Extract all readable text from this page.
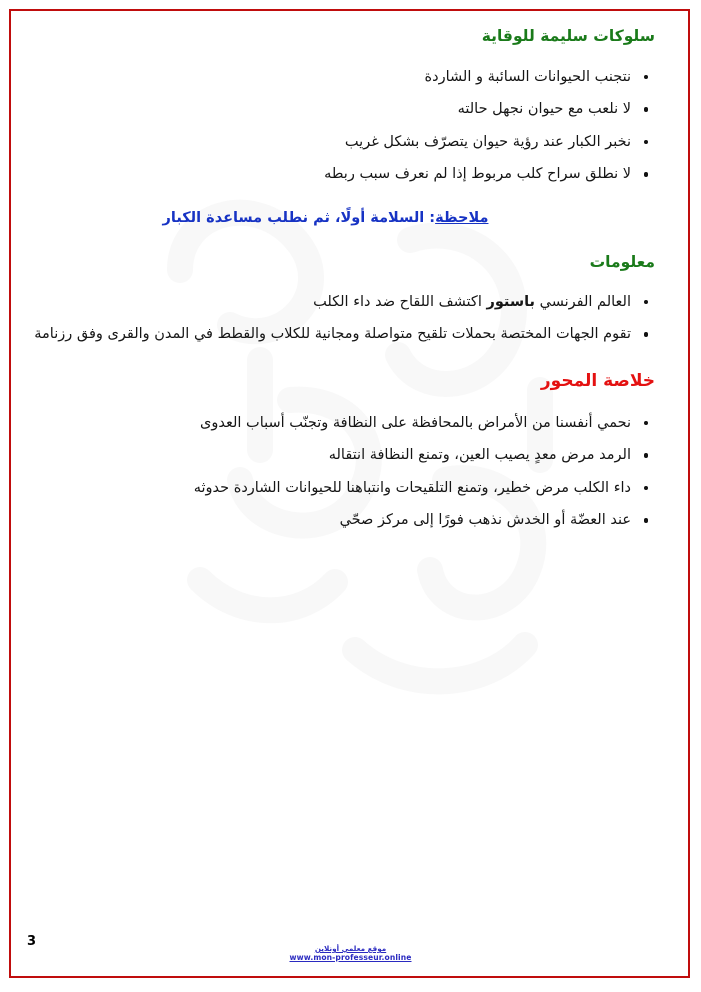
سلوكات سليمة للوقاية
نتجنب الحيوانات السائبة و الشاردة
لا نلعب مع حيوان نجهل حالته
نخبر الكبار عند رؤية حيوان يتصرّف بشكل غريب
لا نطلق سراح كلب مربوط إذا لم نعرف سبب ربطه
ملاحظة: السلامة أولًا، ثم نطلب مساعدة الكبار
معلومات
العالم الفرنسي باستور اكتشف اللقاح ضد داء الكلب
تقوم الجهات المختصة بحملات تلقيح متواصلة ومجانية للكلاب والقطط في المدن والقرى وفق رزنامة
خلاصة المحور
نحمي أنفسنا من الأمراض بالمحافظة على النظافة وتجنّب أسباب العدوى
الرمد مرض معدٍ يصيب العين، وتمنع النظافة انتقاله
داء الكلب مرض خطير، وتمنع التلقيحات وانتباهنا للحيوانات الشاردة حدوثه
عند العضّة أو الخدش نذهب فورًا إلى مركز صحّي
3	موقع معلمي أونلاين
www.mon-professeur.online
